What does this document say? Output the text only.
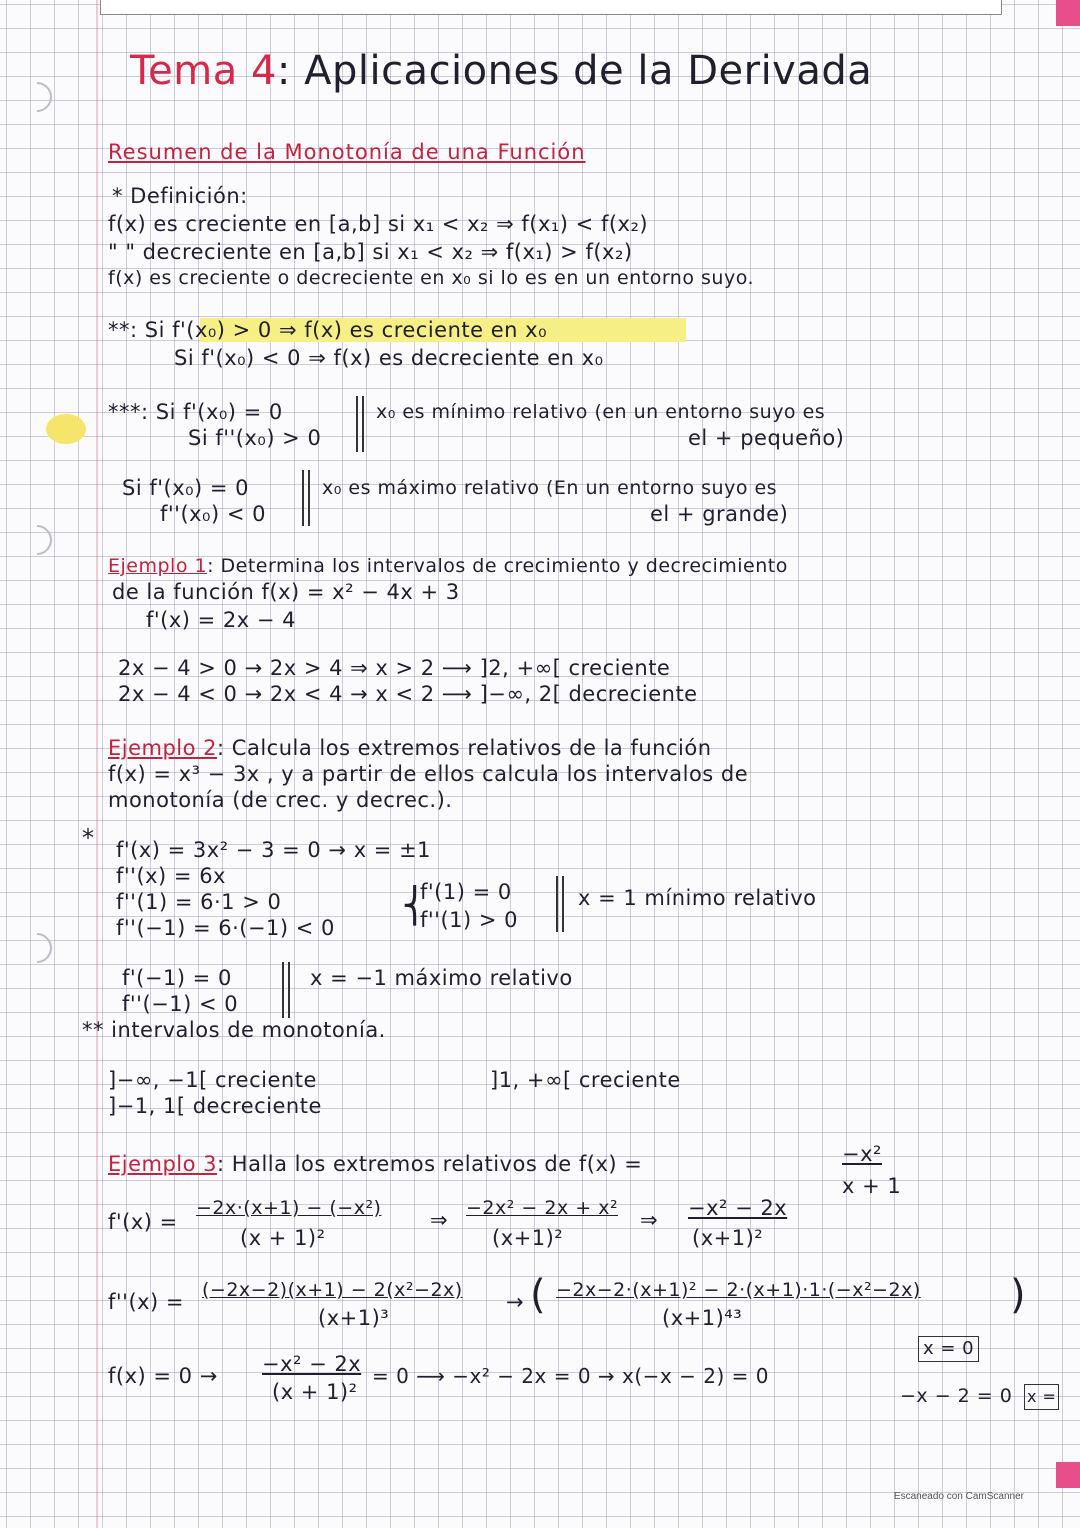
Tema 4: Aplicaciones de la Derivada
Resumen de la Monotonía de una Función
* Definición:
f(x) es creciente en [a,b] si x₁ < x₂ ⇒ f(x₁) < f(x₂)
" " decreciente en [a,b] si x₁ < x₂ ⇒ f(x₁) > f(x₂)
f(x) es creciente o decreciente en x₀ si lo es en un entorno suyo.
**: Si f'(x₀) > 0 ⇒ f(x) es creciente en x₀
Si f'(x₀) < 0 ⇒ f(x) es decreciente en x₀
***: Si f'(x₀) = 0
Si f''(x₀) > 0
x₀ es mínimo relativo (en un entorno suyo es
el + pequeño)
Si f'(x₀) = 0
f''(x₀) < 0
x₀ es máximo relativo (En un entorno suyo es
el + grande)
Ejemplo 1: Determina los intervalos de crecimiento y decrecimiento
de la función f(x) = x² − 4x + 3
f'(x) = 2x − 4
2x − 4 > 0 → 2x > 4 ⇒ x > 2 ⟶ ]2, +∞[ creciente
2x − 4 < 0 → 2x < 4 → x < 2 ⟶ ]−∞, 2[ decreciente
Ejemplo 2: Calcula los extremos relativos de la función
f(x) = x³ − 3x , y a partir de ellos calcula los intervalos de
monotonía (de crec. y decrec.).
* f'(x) = 3x² − 3 = 0 → x = ±1
f''(x) = 6x
f''(1) = 6·1 > 0
f''(−1) = 6·(−1) < 0
⎨
f'(1) = 0
f''(1) > 0
x = 1 mínimo relativo
f'(−1) = 0
f''(−1) < 0
x = −1 máximo relativo
** intervalos de monotonía.
]−∞, −1[ creciente
]−1, 1[ decreciente
]1, +∞[ creciente
Ejemplo 3: Halla los extremos relativos de f(x) =	−x²
x + 1
f'(x) =
−2x·(x+1) − (−x²)
(x + 1)²
⇒ −2x² − 2x + x²
(x+1)²
⇒ −x² − 2x
(x+1)²
f''(x) = (−2x−2)(x+1) − 2(x²−2x)
(x+1)³
→ ( −2x−2·(x+1)² − 2·(x+1)·1·(−x²−2x)
(x+1)⁴³	)
f(x) = 0 → −x² − 2x
(x + 1)²
= 0 ⟶ −x² − 2x = 0 → x(−x − 2) = 0
x = 0
−x − 2 = 0 x =
Escaneado con CamScanner
